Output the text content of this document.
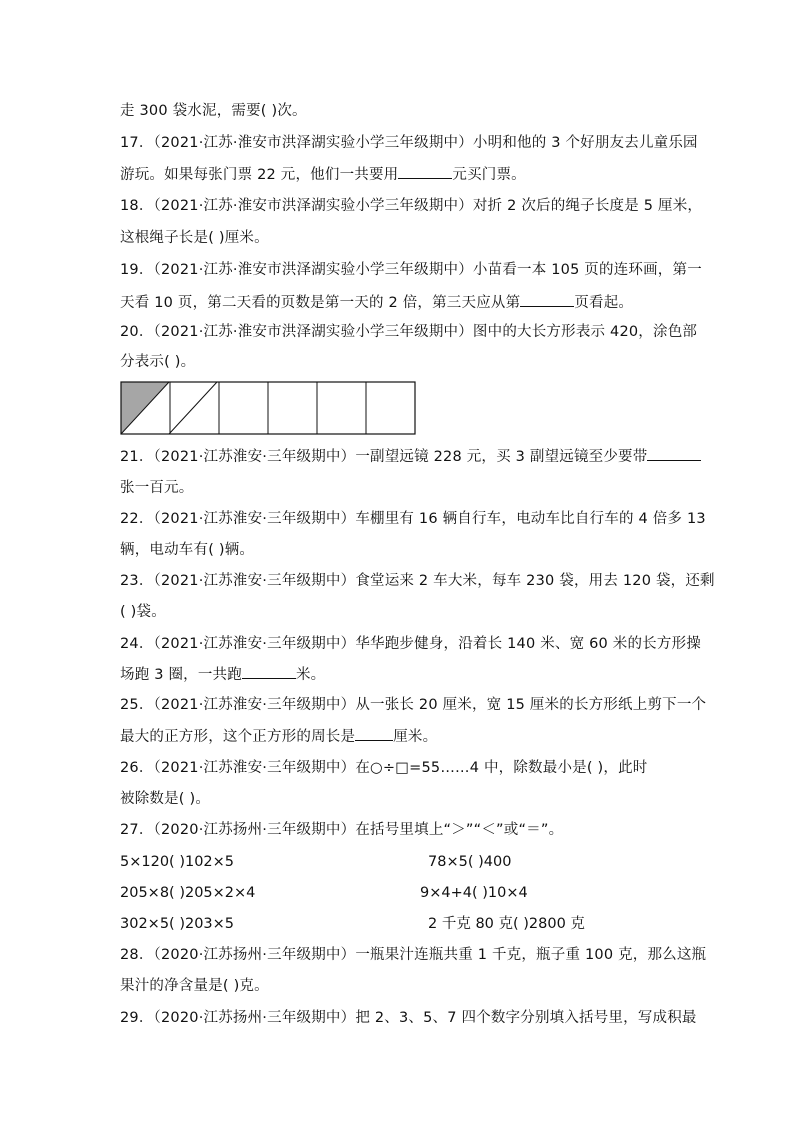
走 300 袋水泥，需要( )次。
17．（2021·江苏·淮安市洪泽湖实验小学三年级期中）小明和他的 3 个好朋友去儿童乐园
游玩。如果每张门票 22 元，他们一共要用	元买门票。
18．（2021·江苏·淮安市洪泽湖实验小学三年级期中）对折 2 次后的绳子长度是 5 厘米，
这根绳子长是( )厘米。
19．（2021·江苏·淮安市洪泽湖实验小学三年级期中）小苗看一本 105 页的连环画，第一
天看 10 页，第二天看的页数是第一天的 2 倍，第三天应从第	页看起。
20．（2021·江苏·淮安市洪泽湖实验小学三年级期中）图中的大长方形表示 420，涂色部
分表示( )。
21．（2021·江苏淮安·三年级期中）一副望远镜 228 元，买 3 副望远镜至少要带
张一百元。
22．（2021·江苏淮安·三年级期中）车棚里有 16 辆自行车，电动车比自行车的 4 倍多 13
辆，电动车有( )辆。
23．（2021·江苏淮安·三年级期中）食堂运来 2 车大米，每车 230 袋，用去 120 袋，还剩
( )袋。
24．（2021·江苏淮安·三年级期中）华华跑步健身，沿着长 140 米、宽 60 米的长方形操
场跑 3 圈，一共跑	米。
25．（2021·江苏淮安·三年级期中）从一张长 20 厘米，宽 15 厘米的长方形纸上剪下一个
最大的正方形，这个正方形的周长是	厘米。
26．（2021·江苏淮安·三年级期中）在○÷□=55……4 中，除数最小是( )，此时
被除数是( )。
27．（2020·江苏扬州·三年级期中）在括号里填上“＞”“＜”或“＝”。
5×120( )102×5	78×5( )400
205×8( )205×2×4	9×4+4( )10×4
302×5( )203×5	2 千克 80 克( )2800 克
28．（2020·江苏扬州·三年级期中）一瓶果汁连瓶共重 1 千克，瓶子重 100 克，那么这瓶
果汁的净含量是( )克。
29．（2020·江苏扬州·三年级期中）把 2、3、5、7 四个数字分别填入括号里，写成积最
